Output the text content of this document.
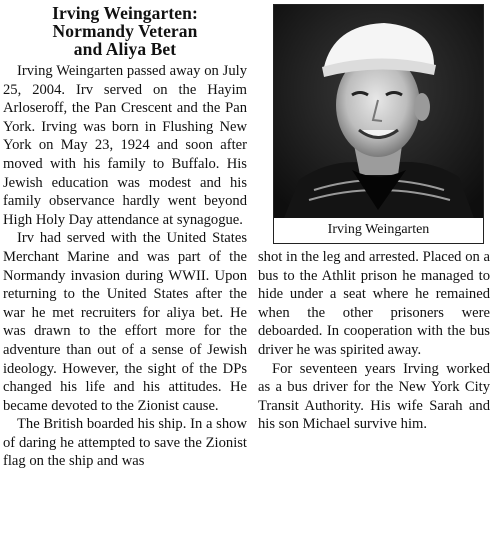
Irving Weingarten:
Normandy Veteran
and Aliya Bet

Irving Weingarten passed away on July 25, 2004. Irv served on the Hayim Arloseroff, the Pan Crescent and the Pan York. Irving was born in Flushing New York on May 23, 1924 and soon after moved with his family to Buffalo. His Jewish education was modest and his family observance hardly went beyond High Holy Day attendance at synagogue.

Irv had served with the United States Merchant Marine and was part of the Normandy invasion during WWII. Upon returning to the United States after the war he met recruiters for aliya bet. He was drawn to the effort more for the adventure than out of a sense of Jewish ideology. However, the sight of the DPs changed his life and his attitudes. He became devoted to the Zionist cause.

The British boarded his ship. In a show of daring he attempted to save the Zionist flag on the ship and was

Irving Weingarten

shot in the leg and arrested. Placed on a bus to the Athlit prison he managed to hide under a seat where he remained when the other prisoners were deboarded. In cooperation with the bus driver he was spirited away.

For seventeen years Irving worked as a bus driver for the New York City Transit Authority. His wife Sarah and his son Michael survive him.
